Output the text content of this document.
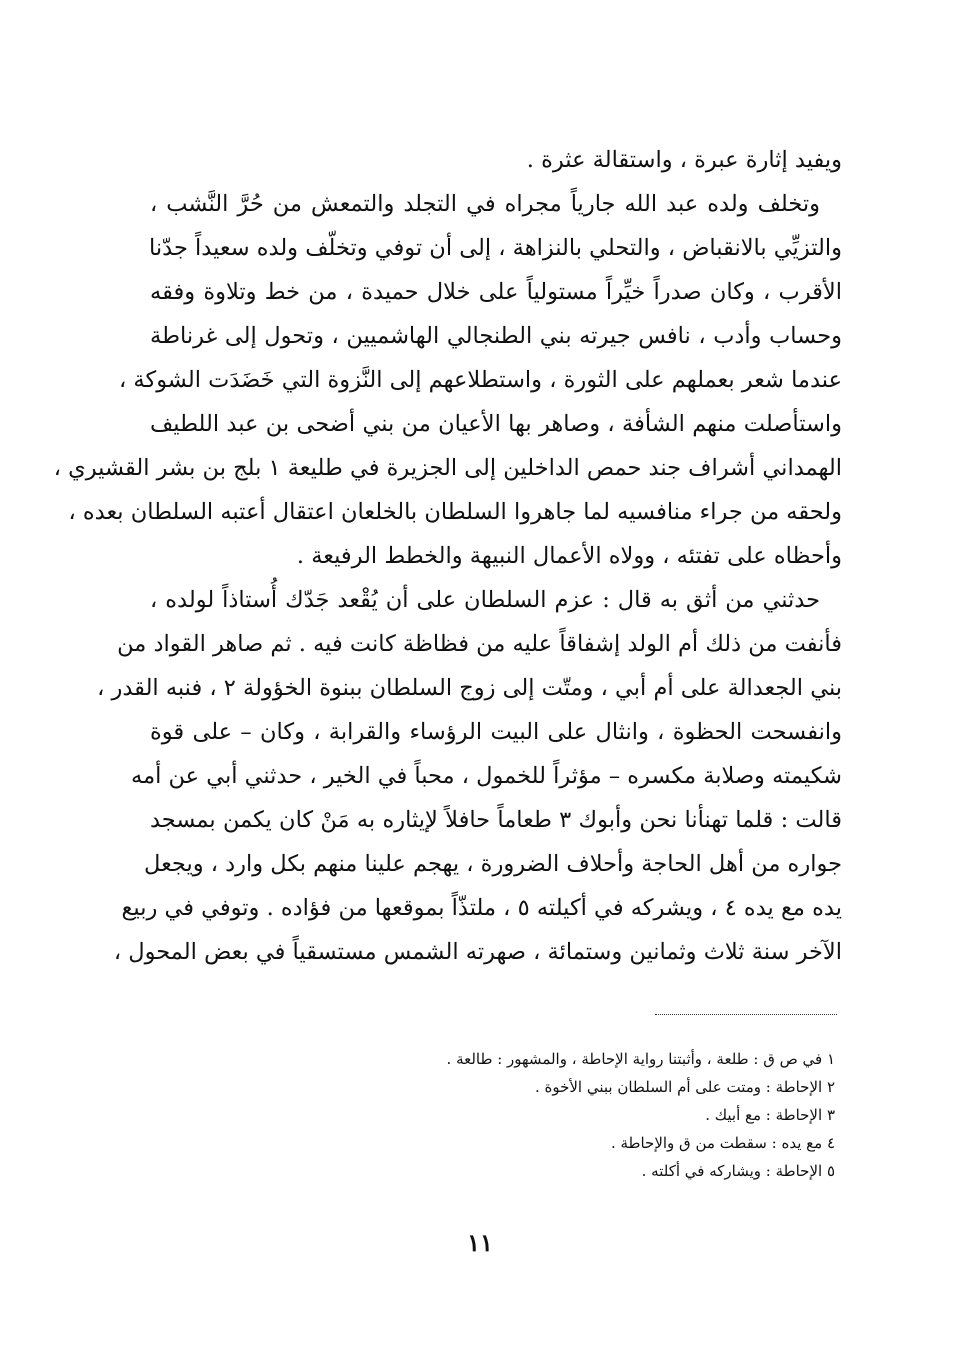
ويفيد إثارة عبرة ، واستقالة عثرة .
وتخلف ولده عبد الله جارياً مجراه في التجلد والتمعش من حُرَّ النَّشب ،
والتزيِّي بالانقباض ، والتحلي بالنزاهة ، إلى أن توفي وتخلّف ولده سعيداً جدّنا
الأقرب ، وكان صدراً خيِّراً مستولياً على خلال حميدة ، من خط وتلاوة وفقه
وحساب وأدب ، نافس جيرته بني الطنجالي الهاشميين ، وتحول إلى غرناطة
عندما شعر بعملهم على الثورة ، واستطلاعهم إلى النَّزوة التي خَضَدَت الشوكة ،
واستأصلت منهم الشأفة ، وصاهر بها الأعيان من بني أضحى بن عبد اللطيف
الهمداني أشراف جند حمص الداخلين إلى الجزيرة في طليعة ١ بلج بن بشر القشيري ،
ولحقه من جراء منافسيه لما جاهروا السلطان بالخلعان اعتقال أعتبه السلطان بعده ،
وأحظاه على تفتئه ، وولاه الأعمال النبيهة والخطط الرفيعة .
حدثني من أثق به قال : عزم السلطان على أن يُقْعد جَدّك أُستاذاً لولده ،
فأنفت من ذلك أم الولد إشفاقاً عليه من فظاظة كانت فيه . ثم صاهر القواد من
بني الجعدالة على أم أبي ، ومتّت إلى زوج السلطان ببنوة الخؤولة ٢ ، فنبه القدر ،
وانفسحت الحظوة ، وانثال على البيت الرؤساء والقرابة ، وكان – على قوة
شكيمته وصلابة مكسره – مؤثراً للخمول ، محباً في الخير ، حدثني أبي عن أمه
قالت : قلما تهنأنا نحن وأبوك ٣ طعاماً حافلاً لإيثاره به مَنْ كان يكمن بمسجد
جواره من أهل الحاجة وأحلاف الضرورة ، يهجم علينا منهم بكل وارد ، ويجعل
يده مع يده ٤ ، ويشركه في أكيلته ٥ ، ملتذّاً بموقعها من فؤاده . وتوفي في ربيع
الآخر سنة ثلاث وثمانين وستمائة ، صهرته الشمس مستسقياً في بعض المحول ،
١ في ص ق : طلعة ، وأثبتنا رواية الإحاطة ، والمشهور : طالعة .
٢ الإحاطة : ومتت على أم السلطان ببني الأخوة .
٣ الإحاطة : مع أبيك .
٤ مع يده : سقطت من ق والإحاطة .
٥ الإحاطة : ويشاركه في أكلته .
١١
